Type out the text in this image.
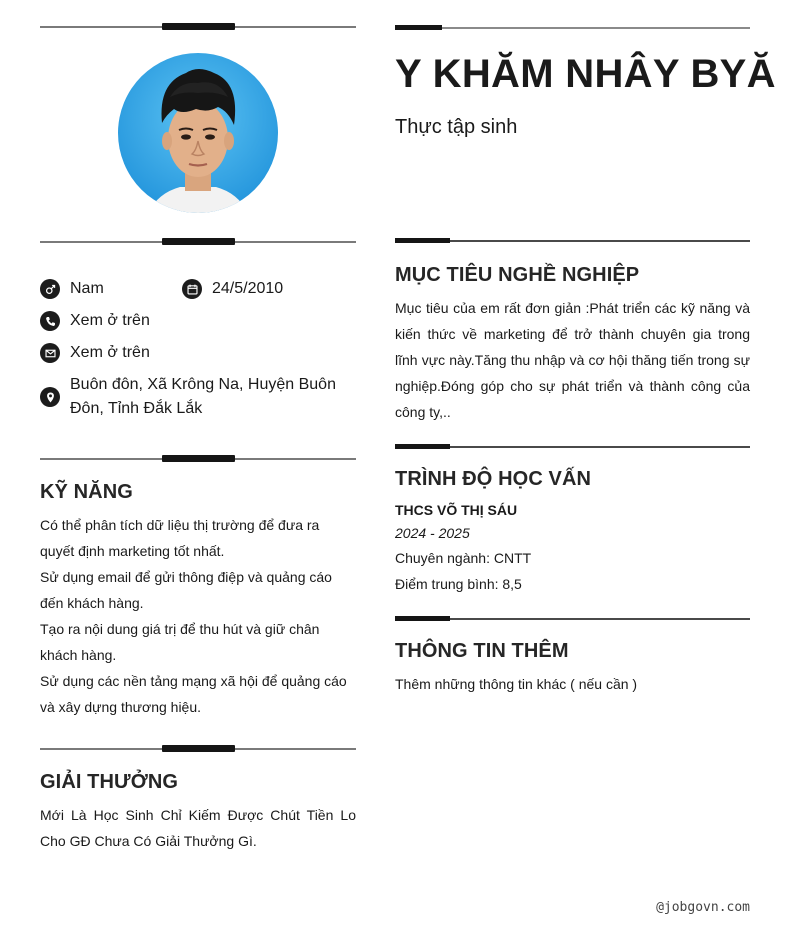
Nam	24/5/2010
Xem ở trên
Xem ở trên
Buôn đôn, Xã Krông Na, Huyện Buôn Đôn, Tỉnh Đắk Lắk
KỸ NĂNG

Có thể phân tích dữ liệu thị trường để đưa ra quyết định marketing tốt nhất.

Sử dụng email để gửi thông điệp và quảng cáo đến khách hàng.

Tạo ra nội dung giá trị để thu hút và giữ chân khách hàng.

Sử dụng các nền tảng mạng xã hội để quảng cáo và xây dựng thương hiệu.

GIẢI THƯỞNG
Mới Là Học Sinh Chỉ Kiếm Được Chút Tiền Lo Cho GĐ Chưa Có Giải Thưởng Gì.
Y KHĂM NHÂY BYĂ
Thực tập sinh
MỤC TIÊU NGHỀ NGHIỆP
Mục tiêu của em rất đơn giản :Phát triển các kỹ năng và kiến thức về marketing để trở thành chuyên gia trong lĩnh vực này.Tăng thu nhập và cơ hội thăng tiến trong sự nghiệp.Đóng góp cho sự phát triển và thành công của công ty,..
TRÌNH ĐỘ HỌC VẤN
THCS VÕ THỊ SÁU
2024 - 2025
Chuyên ngành: CNTT
Điểm trung bình: 8,5
THÔNG TIN THÊM
Thêm những thông tin khác ( nếu cần )
@jobgovn.com
